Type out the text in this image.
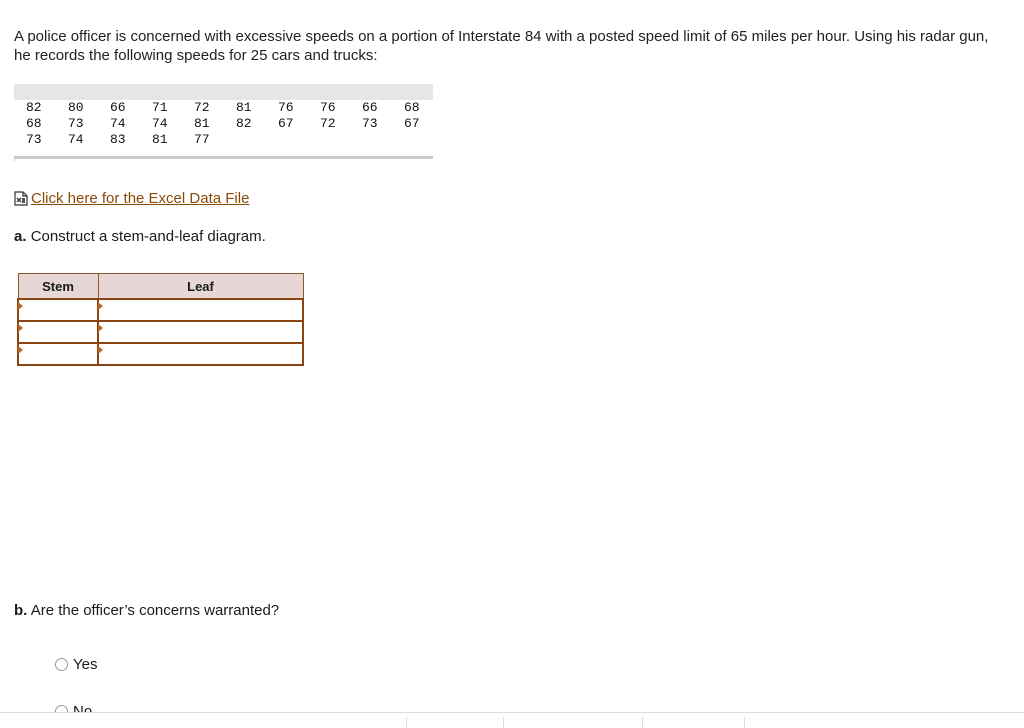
A police officer is concerned with excessive speeds on a portion of Interstate 84 with a posted speed limit of 65 miles per hour. Using his radar gun, he records the following speeds for 25 cars and trucks:
82	80	66	71	72	81	76	76	66	68
68	73	74	74	81	82	67	72	73	67
73	74	83	81	77
Click here for the Excel Data File
a. Construct a stem-and-leaf diagram.
Stem	Leaf

b. Are the officer’s concerns warranted?
Yes
